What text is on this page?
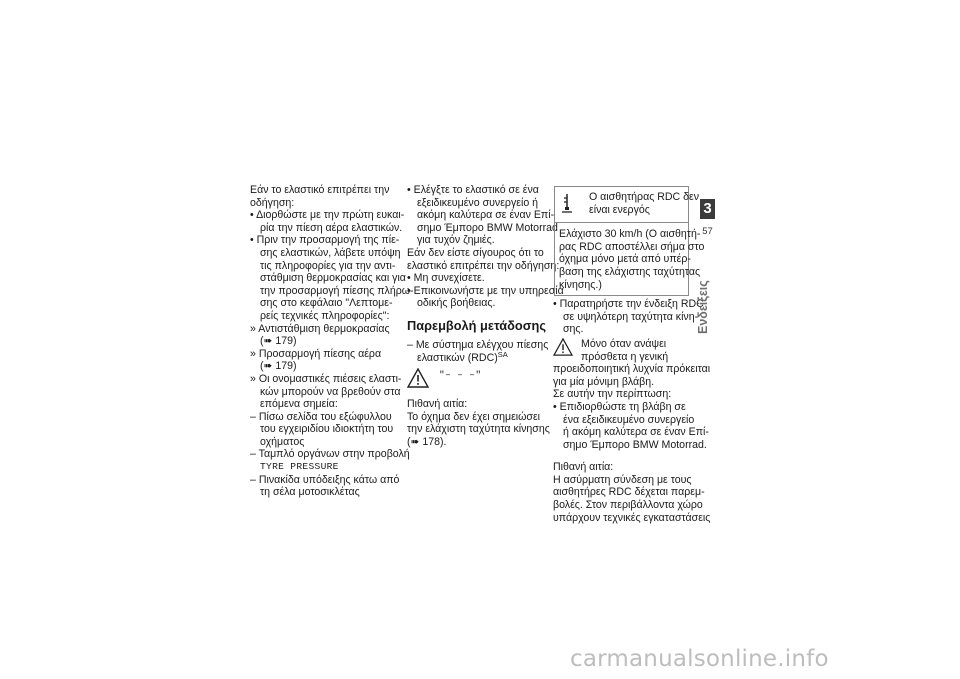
Εάν το ελαστικό επιτρέπει την
οδήγηση:
• Διορθώστε με την πρώτη ευκαι-
ρία την πίεση αέρα ελαστικών.
• Πριν την προσαρμογή της πίε-
σης ελαστικών, λάβετε υπόψη
τις πληροφορίες για την αντι-
στάθμιση θερμοκρασίας και για
την προσαρμογή πίεσης πλήρω-
σης στο κεφάλαιο "Λεπτομε-
ρείς τεχνικές πληροφορίες":
» Αντιστάθμιση θερμοκρασίας
(➠ 179)
» Προσαρμογή πίεσης αέρα
(➠ 179)
» Οι ονομαστικές πιέσεις ελαστι-
κών μπορούν να βρεθούν στα
επόμενα σημεία:
– Πίσω σελίδα του εξώφυλλου
του εγχειριδίου ιδιοκτήτη του
οχήματος
– Ταμπλό οργάνων στην προβολή
TYRE PRESSURE
– Πινακίδα υπόδειξης κάτω από
τη σέλα μοτοσικλέτας
• Ελέγξτε το ελαστικό σε ένα
εξειδικευμένο συνεργείο ή
ακόμη καλύτερα σε έναν Επί-
σημο Έμπορο BMW Motorrad
για τυχόν ζημιές.
Εάν δεν είστε σίγουρος ότι το
ελαστικό επιτρέπει την οδήγηση:
• Μη συνεχίσετε.
• Επικοινωνήστε με την υπηρεσία
οδικής βοήθειας.
Παρεμβολή μετάδοσης
– Με σύστημα ελέγχου πίεσης
ελαστικών (RDC)$^{SA}$
"– – –"
Πιθανή αιτία:
Το όχημα δεν έχει σημειώσει
την ελάχιστη ταχύτητα κίνησης
(➠ 178).
Ο αισθητήρας RDC δεν
είναι ενεργός
Ελάχιστο 30 km/h (Ο αισθητή-
ρας RDC αποστέλλει σήμα στο
όχημα μόνο μετά από υπέρ-
βαση της ελάχιστης ταχύτητας
κίνησης.)
• Παρατηρήστε την ένδειξη RDC
σε υψηλότερη ταχύτητα κίνη-
σης.
Μόνο όταν ανάψει
πρόσθετα η γενική
προειδοποιητική λυχνία πρόκειται
για μία μόνιμη βλάβη.
Σε αυτήν την περίπτωση:
• Επιδιορθώστε τη βλάβη σε
ένα εξειδικευμένο συνεργείο
ή ακόμη καλύτερα σε έναν Επί-
σημο Έμπορο BMW Motorrad.
Πιθανή αιτία:
Η ασύρματη σύνδεση με τους
αισθητήρες RDC δέχεται παρεμ-
βολές. Στον περιβάλλοντα χώρο
υπάρχουν τεχνικές εγκαταστάσεις
3
57
Ενδείξεις
carmanualsonline.info
